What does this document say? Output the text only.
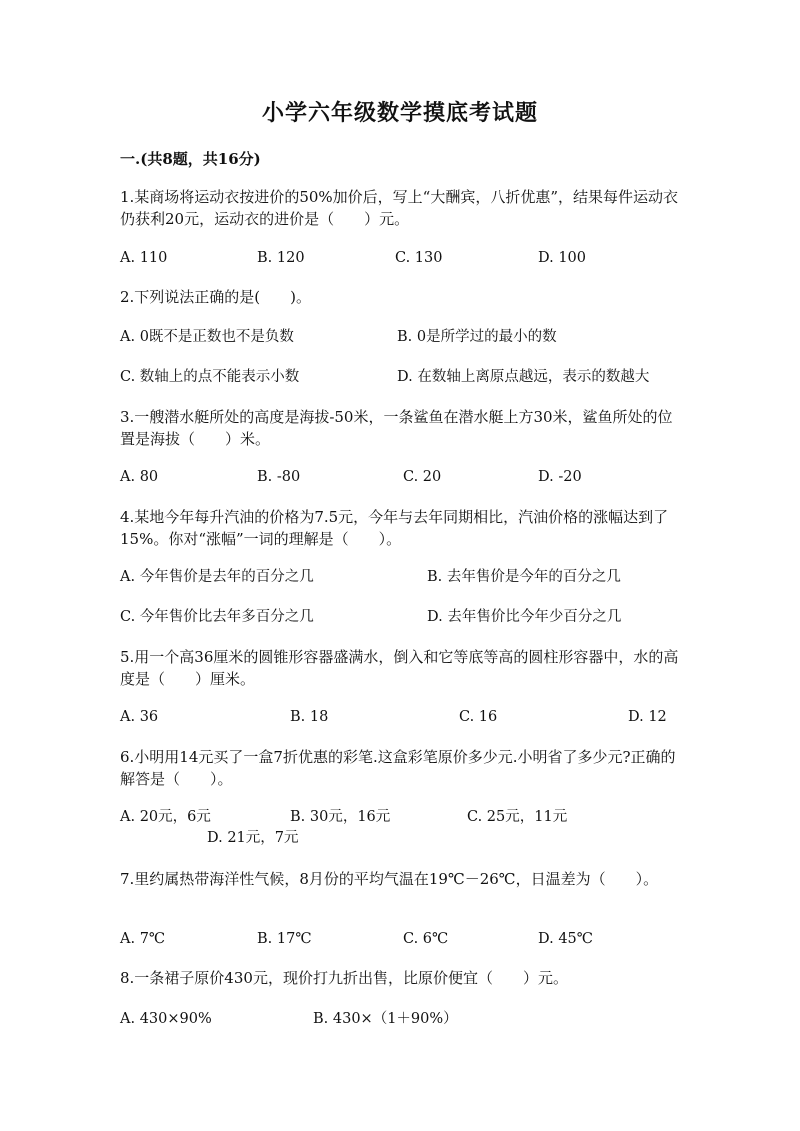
小学六年级数学摸底考试题

一.(共8题，共16分)

1.某商场将运动衣按进价的50%加价后，写上“大酬宾，八折优惠”，结果每件运动衣仍获利20元，运动衣的进价是（　　）元。

A. 110	B. 120	C. 130	D. 100

2.下列说法正确的是(　　)。

A. 0既不是正数也不是负数	B. 0是所学过的最小的数
C. 数轴上的点不能表示小数	D. 在数轴上离原点越远，表示的数越大

3.一艘潜水艇所处的高度是海拔-50米，一条鲨鱼在潜水艇上方30米，鲨鱼所处的位置是海拔（　　）米。

A. 80	B. -80	C. 20	D. -20

4.某地今年每升汽油的价格为7.5元，今年与去年同期相比，汽油价格的涨幅达到了15%。你对“涨幅”一词的理解是（　　）。

A. 今年售价是去年的百分之几	B. 去年售价是今年的百分之几
C. 今年售价比去年多百分之几	D. 去年售价比今年少百分之几

5.用一个高36厘米的圆锥形容器盛满水，倒入和它等底等高的圆柱形容器中，水的高度是（　　）厘米。

A. 36	B. 18	C. 16	D. 12

6.小明用14元买了一盒7折优惠的彩笔.这盒彩笔原价多少元.小明省了多少元?正确的解答是（　　）。

A. 20元，6元	B. 30元，16元	C. 25元，11元
D. 21元，7元

7.里约属热带海洋性气候，8月份的平均气温在19℃－26℃，日温差为（　　）。

A. 7℃	B. 17℃	C. 6℃	D. 45℃

8.一条裙子原价430元，现价打九折出售，比原价便宜（　　）元。

A. 430×90%	B. 430×（1＋90%）
